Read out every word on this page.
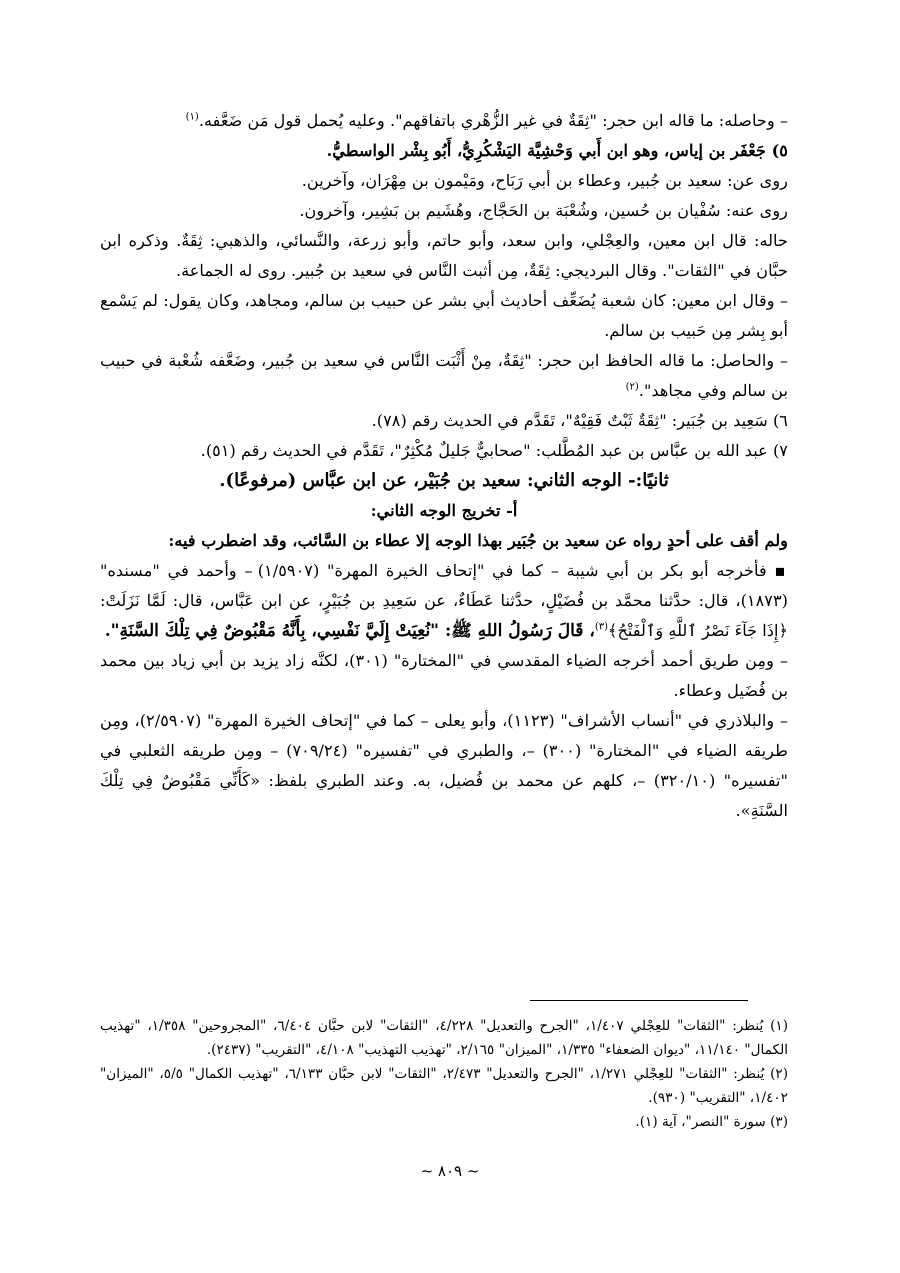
– وحاصله: ما قاله ابن حجر: "ثِقَةٌ في غير الزُّهْري باتفاقهم". وعليه يُحمل قول مَن ضَعَّفه.$^{(١)}$

٥) جَعْفَر بن إياس، وهو ابن أَبي وَحْشِيَّة اليَشْكُرِيُّ، أَبُو بِشْر الواسطيُّ.

روى عن: سعيد بن جُبير، وعطاء بن أبي رَبَاح، ومَيْمون بن مِهْرَان، وآخرين.

روى عنه: سُفْيان بن حُسين، وشُعْبَة بن الحَجَّاج، وهُشَيم بن بَشِير، وآخرون.

حاله: قال ابن معين، والعِجْلي، وابن سعد، وأبو حاتم، وأبو زرعة، والنَّسائي، والذهبي: ثِقَةٌ. وذكره ابن حبَّان في "الثقات". وقال البرديجي: ثِقَةٌ، مِن أثبت النَّاس في سعيد بن جُبير. روى له الجماعة.

– وقال ابن معين: كان شعبة يُضَعِّف أحاديث أبي بشر عن حبيب بن سالم، ومجاهد، وكان يقول: لم يَسْمع أبو بِشر مِن حَبيب بن سالم.

– والحاصل: ما قاله الحافظ ابن حجر: "ثِقَةٌ، مِنْ أَثْبَت النَّاس في سعيد بن جُبير، وضَعَّفه شُعْبة في حبيب بن سالم وفي مجاهد".$^{(٢)}$

٦) سَعِيد بن جُبَير: "ثِقَةٌ ثَبْتٌ فَقِيْهٌ"، تَقَدَّم في الحديث رقم (٧٨).

٧) عبد الله بن عبَّاس بن عبد المُطَّلب: "صحابيٌّ جَليلٌ مُكْثِرٌ"، تَقَدَّم في الحديث رقم (٥١).

ثانيًا:- الوجه الثاني: سعيد بن جُبَيْر، عن ابن عبَّاس (مرفوعًا).

أ- تخريج الوجه الثاني:

ولم أقف على أحدٍ رواه عن سعيد بن جُبَير بهذا الوجه إلا عطاء بن السَّائب، وقد اضطرب فيه:

▪ فأخرجه أبو بكر بن أبي شيبة – كما في "إتحاف الخيرة المهرة" (١/٥٩٠٧) – وأحمد في "مسنده" (١٨٧٣)، قال: حدَّثنا محمَّد بن فُضَيْلٍ، حدَّثنا عَطَاءٌ، عن سَعِيدِ بن جُبَيْرٍ، عن ابن عَبَّاس، قال: لَمَّا نَزَلَتْ: ﴿إِذَا جَآءَ نَصْرُ ٱللَّهِ وَٱلْفَتْحُ﴾$^{(٣)}$، قَالَ رَسُولُ اللهِ ﷺ: "نُعِيَتْ إِلَيَّ نَفْسِي، بِأَنَّهُ مَقْبُوضٌ فِي تِلْكَ السَّنَةِ".

– ومِن طريق أحمد أخرجه الضياء المقدسي في "المختارة" (٣٠١)، لكنَّه زاد يزيد بن أبي زياد بين محمد بن فُضَيل وعطاء.

– والبلاذري في "أنساب الأشراف" (١١٢٣)، وأبو يعلى – كما في "إتحاف الخيرة المهرة" (٢/٥٩٠٧)، ومِن طريقه الضياء في "المختارة" (٣٠٠) –، والطبري في "تفسيره" (٧٠٩/٢٤) – ومِن طريقه الثعلبي في "تفسيره" (٣٢٠/١٠) –، كلهم عن محمد بن فُضيل، به. وعند الطبري بلفظ: «كَأَنِّي مَقْبُوضٌ فِي تِلْكَ السَّنَةِ».

(١) يُنظر: "الثقات" للعِجْلي ١/٤٠٧، "الجرح والتعديل" ٤/٢٢٨، "الثقات" لابن حبَّان ٦/٤٠٤، "المجروحين" ١/٣٥٨، "تهذيب الكمال" ١١/١٤٠، "ديوان الضعفاء" ١/٣٣٥، "الميزان" ٢/١٦٥، "تهذيب التهذيب" ٤/١٠٨، "التقريب" (٢٤٣٧).

(٢) يُنظر: "الثقات" للعِجْلي ١/٢٧١، "الجرح والتعديل" ٢/٤٧٣، "الثقات" لابن حبَّان ٦/١٣٣، "تهذيب الكمال" ٥/٥، "الميزان" ١/٤٠٢، "التقريب" (٩٣٠).

(٣) سورة "النصر"، آية (١).

~ ٨٠٩ ~
